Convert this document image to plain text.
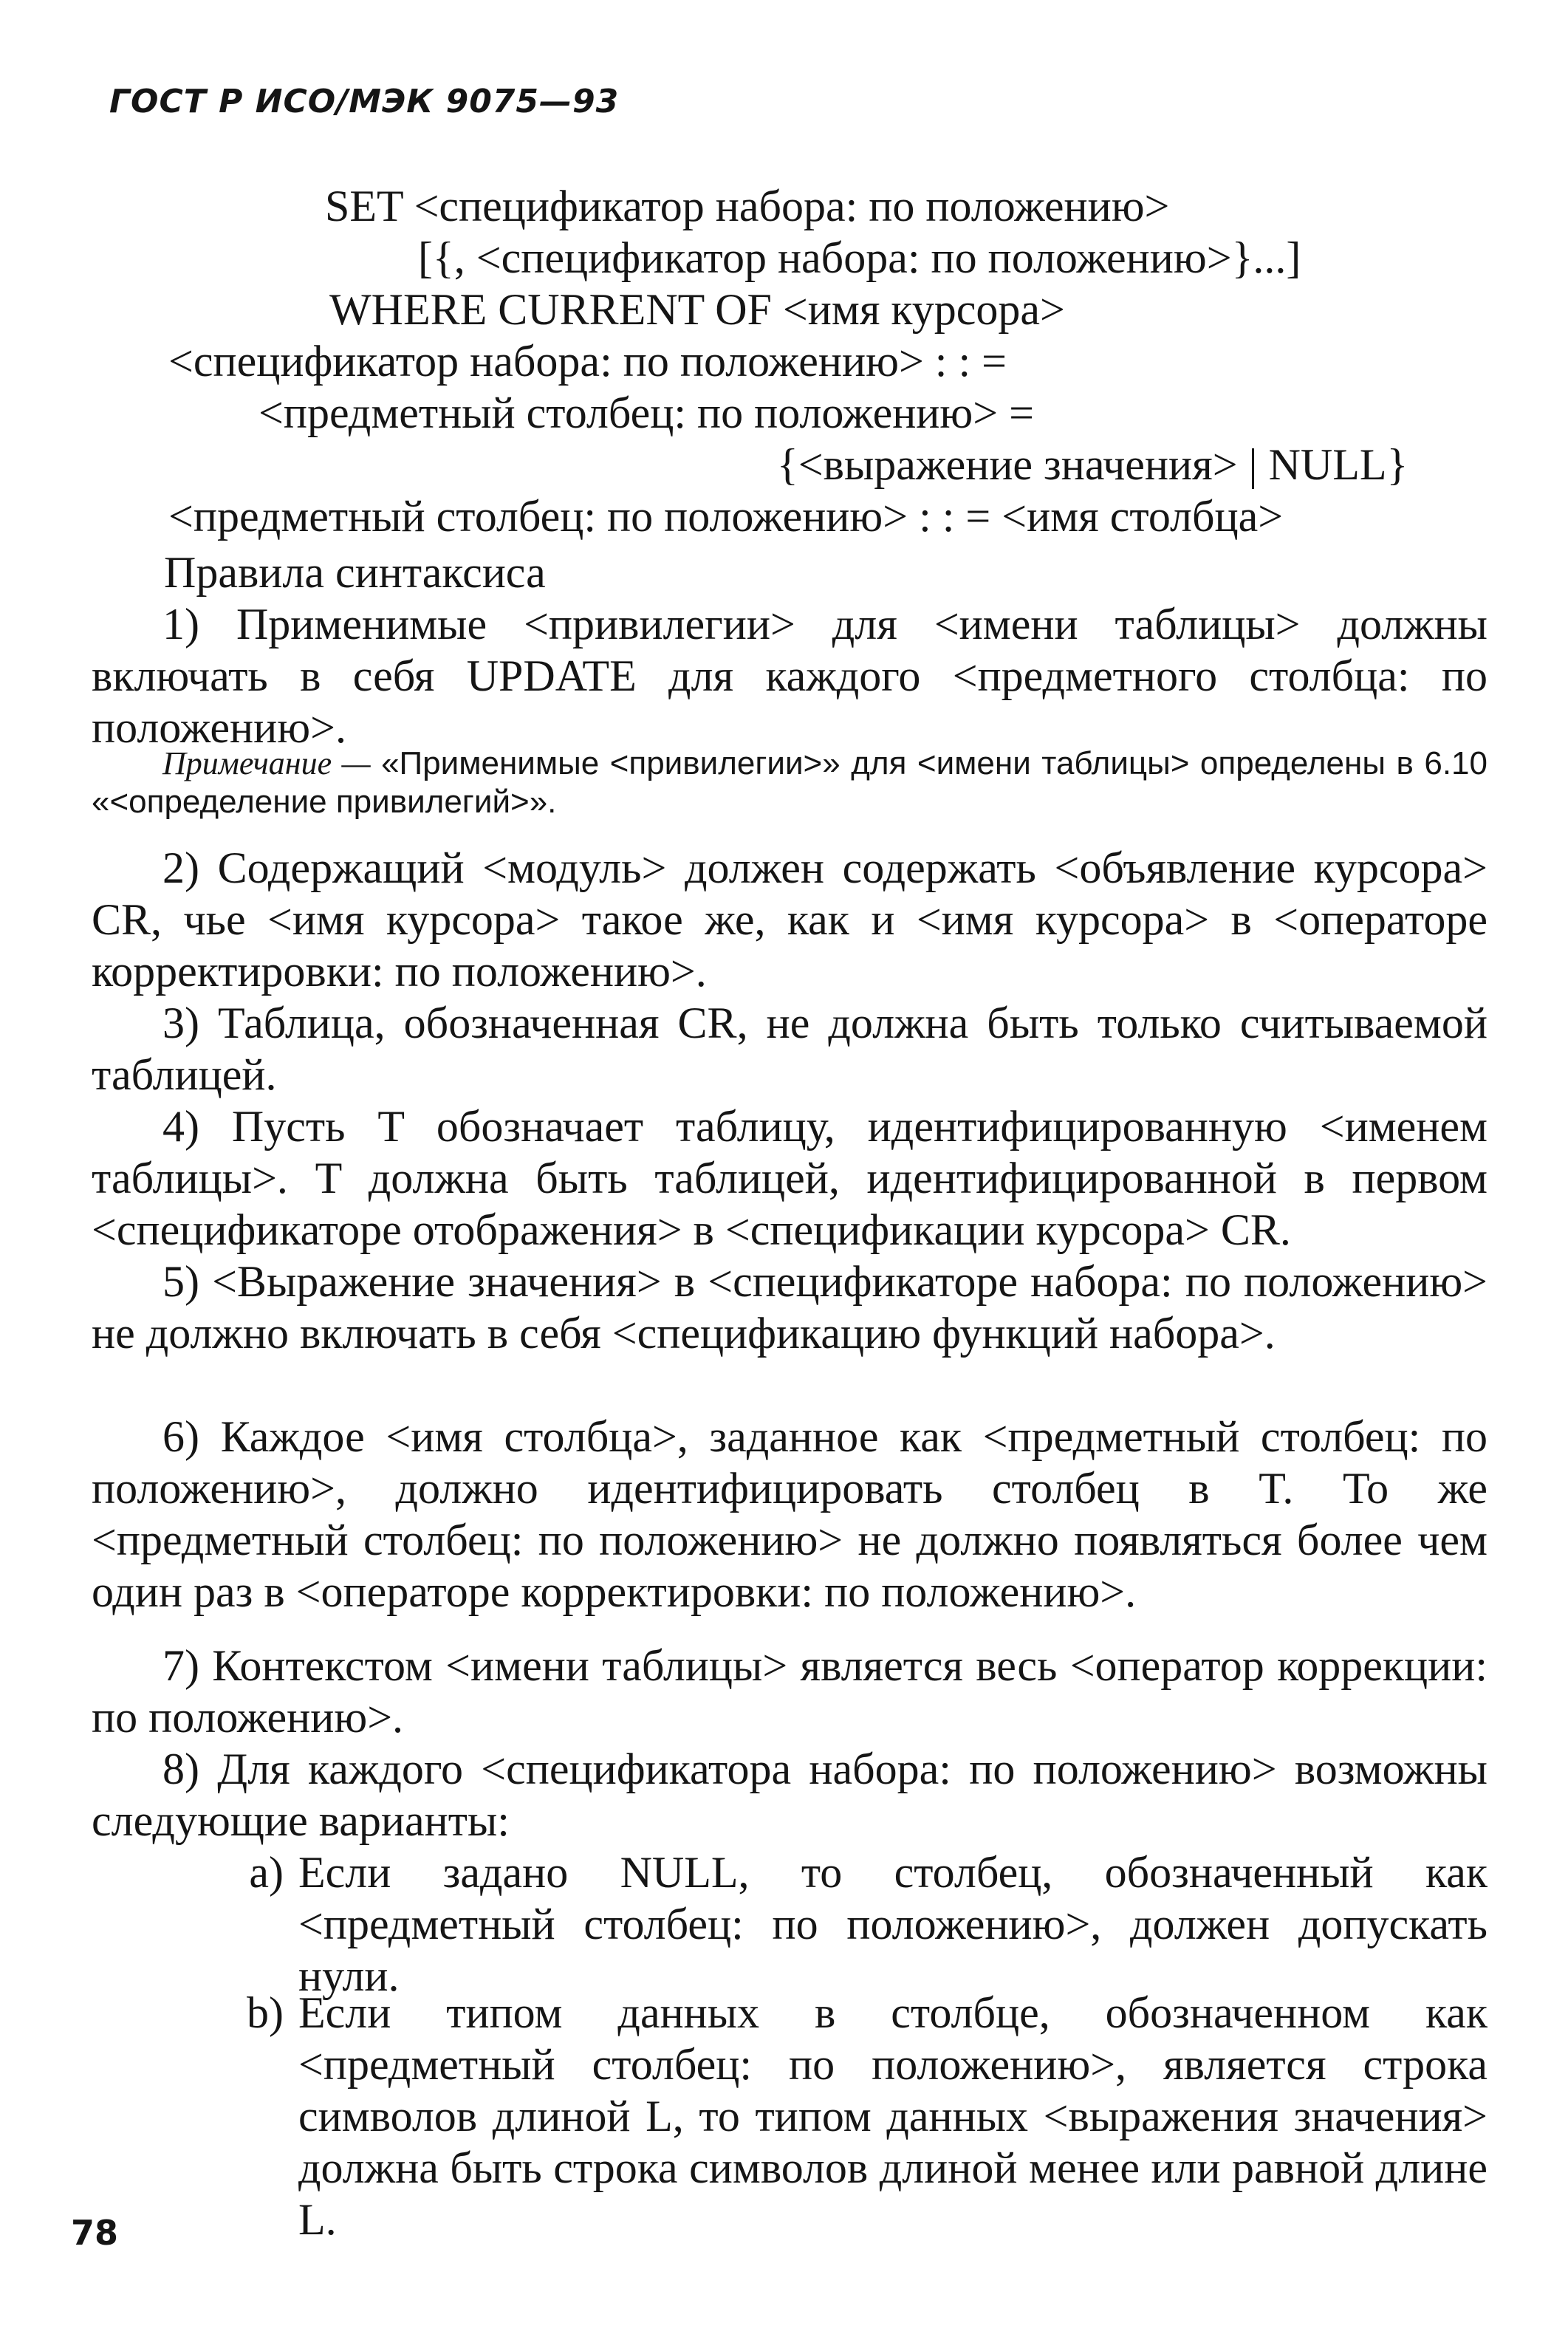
ГОСТ Р ИСО/МЭК 9075—93
SET <спецификатор набора: по положению>
[{, <спецификатор набора: по положению>}...]
WHERE CURRENT OF <имя курсора>
<спецификатор набора: по положению> : : =
<предметный столбец: по положению> =
{<выражение значения> | NULL}
<предметный столбец: по положению> : : = <имя столбца>
Правила синтаксиса

1) Применимые <привилегии> для <имени таблицы> должны включать в себя UPDATE для каждого <предметного столбца: по положению>.

Примечание — «Применимые <привилегии>» для <имени таблицы> определены в 6.10 «<определение привилегий>».

2) Содержащий <модуль> должен содержать <объявление курсора> CR, чье <имя курсора> такое же, как и <имя курсора> в <операторе корректировки: по положению>.

3) Таблица, обозначенная CR, не должна быть только считываемой таблицей.

4) Пусть T обозначает таблицу, идентифицированную <именем таблицы>. T должна быть таблицей, идентифицированной в первом <спецификаторе отображения> в <спецификации курсора> CR.

5) <Выражение значения> в <спецификаторе набора: по положению> не должно включать в себя <спецификацию функций набора>.

6) Каждое <имя столбца>, заданное как <предметный столбец: по положению>, должно идентифицировать столбец в T. То же <предметный столбец: по положению> не должно появляться более чем один раз в <операторе корректировки: по положению>.

7) Контекстом <имени таблицы> является весь <оператор коррекции: по положению>.

8) Для каждого <спецификатора набора: по положению> возможны следующие варианты:

а) Если задано NULL, то столбец, обозначенный как <предметный столбец: по положению>, должен допускать нули.
b) Если типом данных в столбце, обозначенном как <предметный столбец: по положению>, является строка символов длиной L, то типом данных <выражения значения> должна быть строка символов длиной менее или равной длине L.
78
